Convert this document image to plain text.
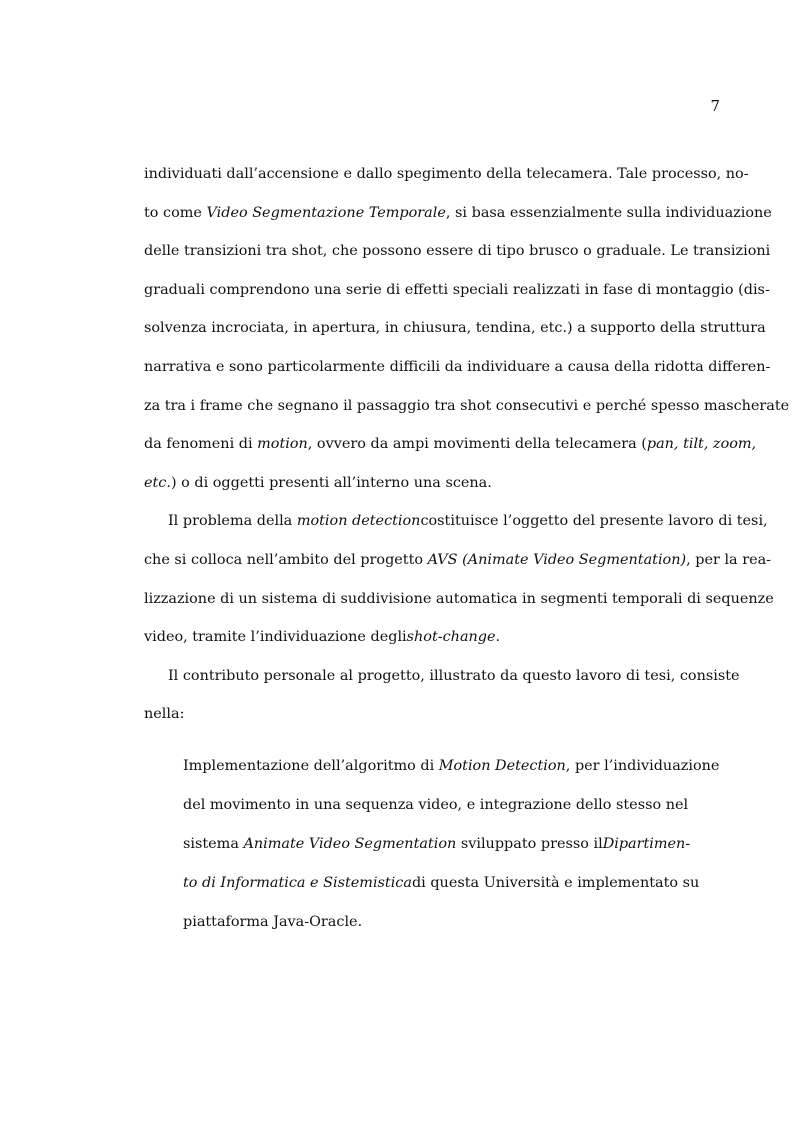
7
individuati dall’accensione e dallo spegimento della telecamera. Tale processo, no-
to come Video Segmentazione Temporale , si basa essenzialmente sulla individuazione
delle transizioni tra shot, che possono essere di tipo brusco o graduale. Le transizioni
graduali comprendono una serie di effetti speciali realizzati in fase di montaggio (dis-
solvenza incrociata, in apertura, in chiusura, tendina, etc.) a supporto della struttura
narrativa e sono particolarmente difficili da individuare a causa della ridotta differen-
za tra i frame che segnano il passaggio tra shot consecutivi e perché spesso mascherate
da fenomeni di motion, ovvero da ampi movimenti della telecamera ( pan, tilt, zoom,
etc. ) o di oggetti presenti all’interno una scena.
Il problema della motion detection costituisce l’oggetto del presente lavoro di tesi,
che si colloca nell’ambito del progetto AVS (Animate Video Segmentation) , per la rea-
lizzazione di un sistema di suddivisione automatica in segmenti temporali di sequenze
video, tramite l’individuazione degli shot-change .
Il contributo personale al progetto, illustrato da questo lavoro di tesi, consiste
nella:
Implementazione dell’algoritmo di Motion Detection , per l’individuazione
del movimento in una sequenza video, e integrazione dello stesso nel
sistema Animate Video Segmentation sviluppato presso il Dipartimen-
to di Informatica e Sistemistica di questa Università e implementato su
piattaforma Java-Oracle.
